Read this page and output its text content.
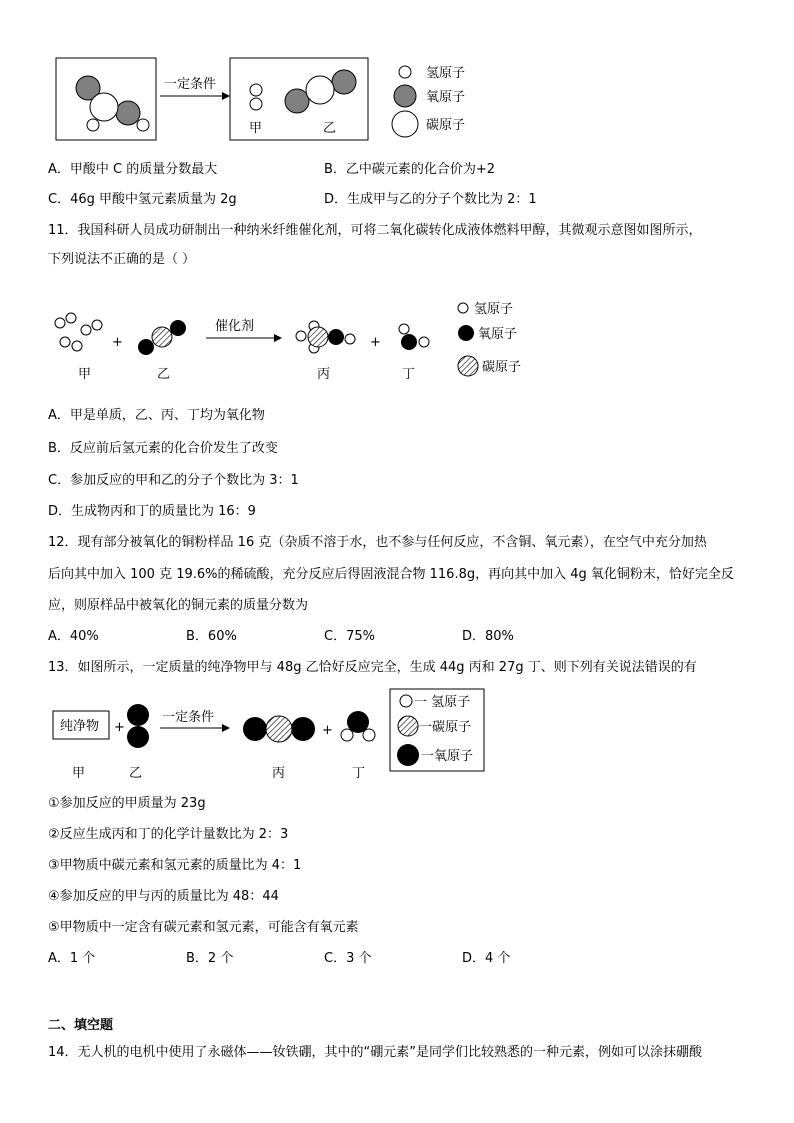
一定条件
甲	乙
氢原子
氧原子
碳原子
A．甲酸中 C 的质量分数最大	B．乙中碳元素的化合价为+2
C．46g 甲酸中氢元素质量为 2g	D．生成甲与乙的分子个数比为 2：1
11．我国科研人员成功研制出一种纳米纤维催化剂，可将二氧化碳转化成液体燃料甲醇，其微观示意图如图所示，
下列说法不正确的是（ ）
+
催化剂
+
甲	乙	丙	丁
氢原子
氧原子
碳原子
A．甲是单质，乙、丙、丁均为氧化物
B．反应前后氢元素的化合价发生了改变
C．参加反应的甲和乙的分子个数比为 3：1
D．生成物丙和丁的质量比为 16：9
12．现有部分被氧化的铜粉样品 16 克（杂质不溶于水，也不参与任何反应，不含铜、氧元素），在空气中充分加热
后向其中加入 100 克 19.6%的稀硫酸，充分反应后得固液混合物 116.8g，再向其中加入 4g 氧化铜粉末，恰好完全反
应，则原样品中被氧化的铜元素的质量分数为
A．40%	B．60%	C．75%	D．80%
13．如图所示，一定质量的纯净物甲与 48g 乙恰好反应完全，生成 44g 丙和 27g 丁、则下列有关说法错误的有
纯净物 +
一定条件
+
甲	乙	丙	丁
一 氢原子
一碳原子
一氧原子
①参加反应的甲质量为 23g
②反应生成丙和丁的化学计量数比为 2：3
③甲物质中碳元素和氢元素的质量比为 4：1
④参加反应的甲与丙的质量比为 48：44
⑤甲物质中一定含有碳元素和氢元素，可能含有氧元素
A．1 个	B．2 个	C．3 个	D．4 个
二、填空题
14．无人机的电机中使用了永磁体——钕铁硼，其中的“硼元素”是同学们比较熟悉的一种元素，例如可以涂抹硼酸
